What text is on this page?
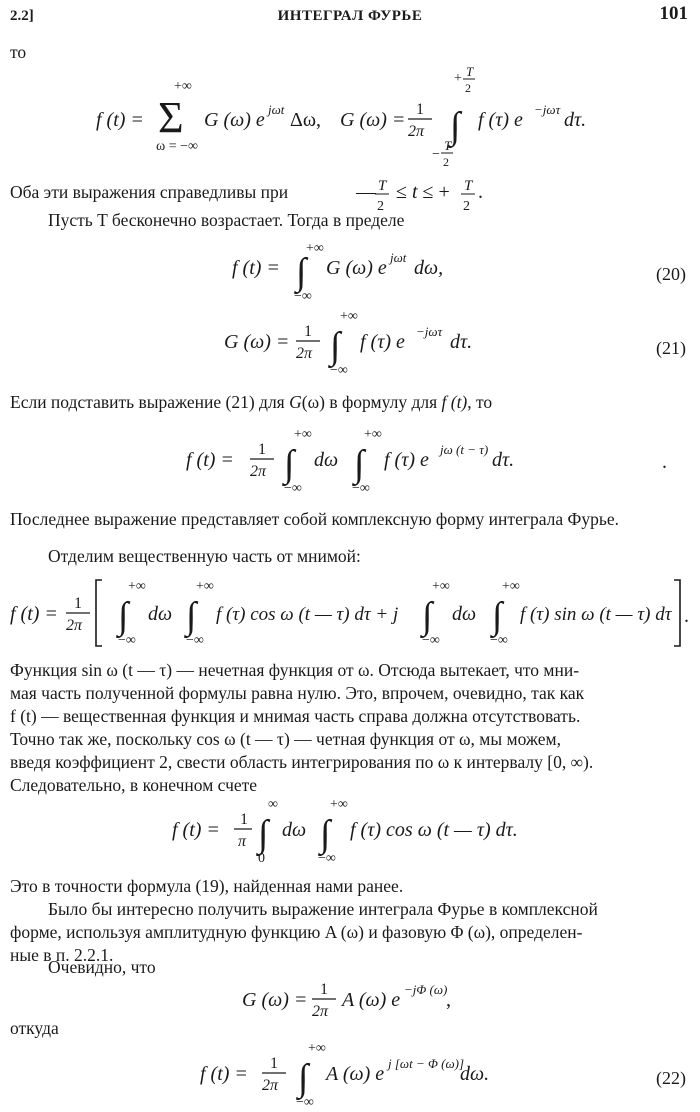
2.2]	ИНТЕГРАЛ ФУРЬЕ	101
то
f (t) =
+∞
Σ
ω = −∞
G (ω) e jωt Δω, G (ω) = 1
2π
+ T
2
∫
−
T
2
f (τ) e −jωτ dτ.
Оба эти выражения справедливы при	— T
2
≤ t ≤ + T
2
.
Пусть T бесконечно возрастает. Тогда в пределе
f (t) =
+∞
∫
−∞
G (ω) e jωt dω,	(20)
G (ω) = 1
2π
+∞
∫
−∞
f (τ) e −jωτ dτ.	(21)
Если подставить выражение (21) для G(ω) в формулу для f (t), то
f (t) = 1
2π
+∞
∫
−∞
dω
+∞
∫
−∞
f (τ) e jω (t − τ) dτ.	.
Последнее выражение представляет собой комплексную форму интеграла Фурье.
Отделим вещественную часть от мнимой:
f (t) = 1
2π
+∞
∫
−∞
dω
+∞
∫
−∞
f (τ) cos ω (t — τ) dτ + j
+∞
∫
−∞
dω
+∞
∫
−∞
f (τ) sin ω (t — τ) dτ .
Функция sin ω (t — τ) — нечетная функция от ω. Отсюда вытекает, что мни-
мая часть полученной формулы равна нулю. Это, впрочем, очевидно, так как
f (t) — вещественная функция и мнимая часть справа должна отсутствовать.
Точно так же, поскольку cos ω (t — τ) — четная функция от ω, мы можем,
введя коэффициент 2, свести область интегрирования по ω к интервалу [0, ∞).
Следовательно, в конечном счете
f (t) = 1
π
∞
∫
0
dω
+∞
∫
−∞
f (τ) cos ω (t — τ) dτ.
Это в точности формула (19), найденная нами ранее.
Было бы интересно получить выражение интеграла Фурье в комплексной
форме, используя амплитудную функцию A (ω) и фазовую Φ (ω), определен-
ные в п. 2.2.1.
Очевидно, что
G (ω) = 1
2π
A (ω) e −jΦ (ω)
,
откуда
f (t) = 1
2π
+∞
∫
−∞
A (ω) e j [ωt − Φ (ω)]
dω.	(22)
